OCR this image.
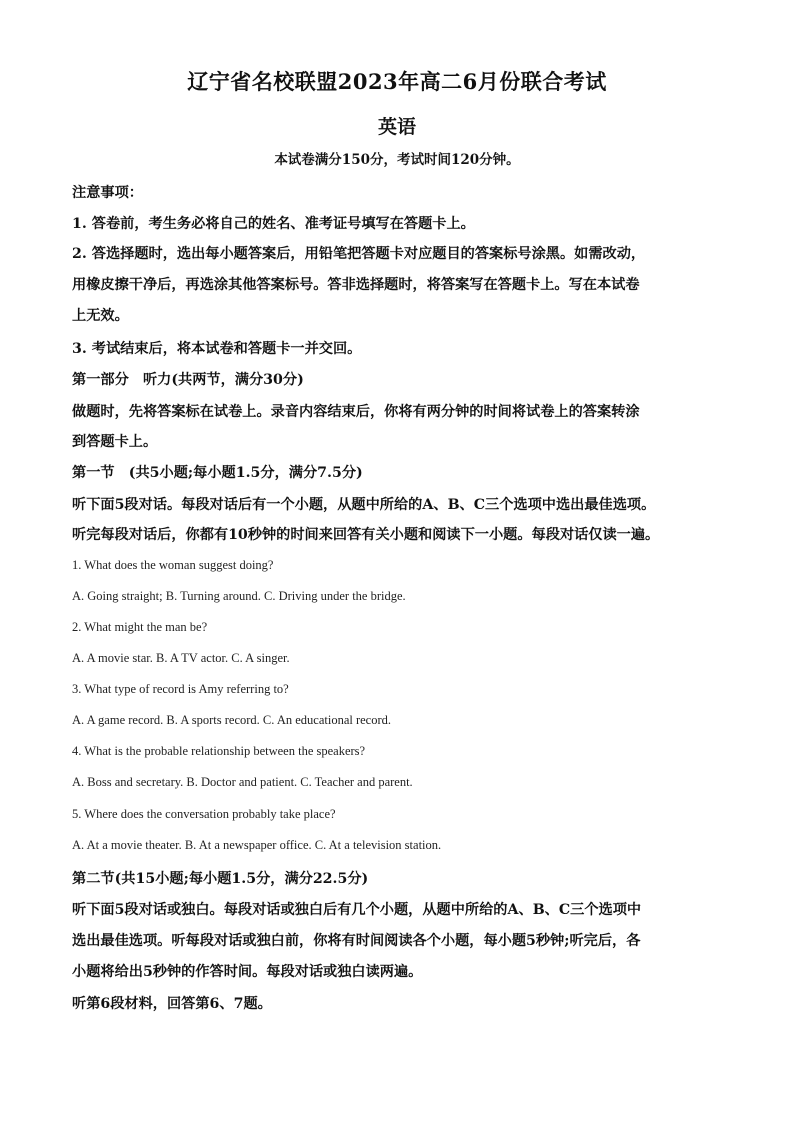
辽宁省名校联盟2023年高二6月份联合考试
英语
本试卷满分150分，考试时间120分钟。
注意事项：
1. 答卷前，考生务必将自己的姓名、准考证号填写在答题卡上。
2. 答选择题时，选出每小题答案后，用铅笔把答题卡对应题目的答案标号涂黑。如需改动，
用橡皮擦干净后，再选涂其他答案标号。答非选择题时，将答案写在答题卡上。写在本试卷
上无效。
3. 考试结束后，将本试卷和答题卡一并交回。
第一部分　听力(共两节，满分30分)
做题时，先将答案标在试卷上。录音内容结束后，你将有两分钟的时间将试卷上的答案转涂
到答题卡上。
第一节　(共5小题;每小题1.5分，满分7.5分)
听下面5段对话。每段对话后有一个小题，从题中所给的A、B、C三个选项中选出最佳选项。
听完每段对话后，你都有10秒钟的时间来回答有关小题和阅读下一小题。每段对话仅读一遍。
1. What does the woman suggest doing?
A. Going straight; B. Turning around. C. Driving under the bridge.
2. What might the man be?
A. A movie star. B. A TV actor. C. A singer.
3. What type of record is Amy referring to?
A. A game record. B. A sports record. C. An educational record.
4. What is the probable relationship between the speakers?
A. Boss and secretary. B. Doctor and patient. C. Teacher and parent.
5. Where does the conversation probably take place?
A. At a movie theater. B. At a newspaper office. C. At a television station.
第二节(共15小题;每小题1.5分，满分22.5分)
听下面5段对话或独白。每段对话或独白后有几个小题，从题中所给的A、B、C三个选项中
选出最佳选项。听每段对话或独白前，你将有时间阅读各个小题，每小题5秒钟;听完后，各
小题将给出5秒钟的作答时间。每段对话或独白读两遍。
听第6段材料，回答第6、7题。
